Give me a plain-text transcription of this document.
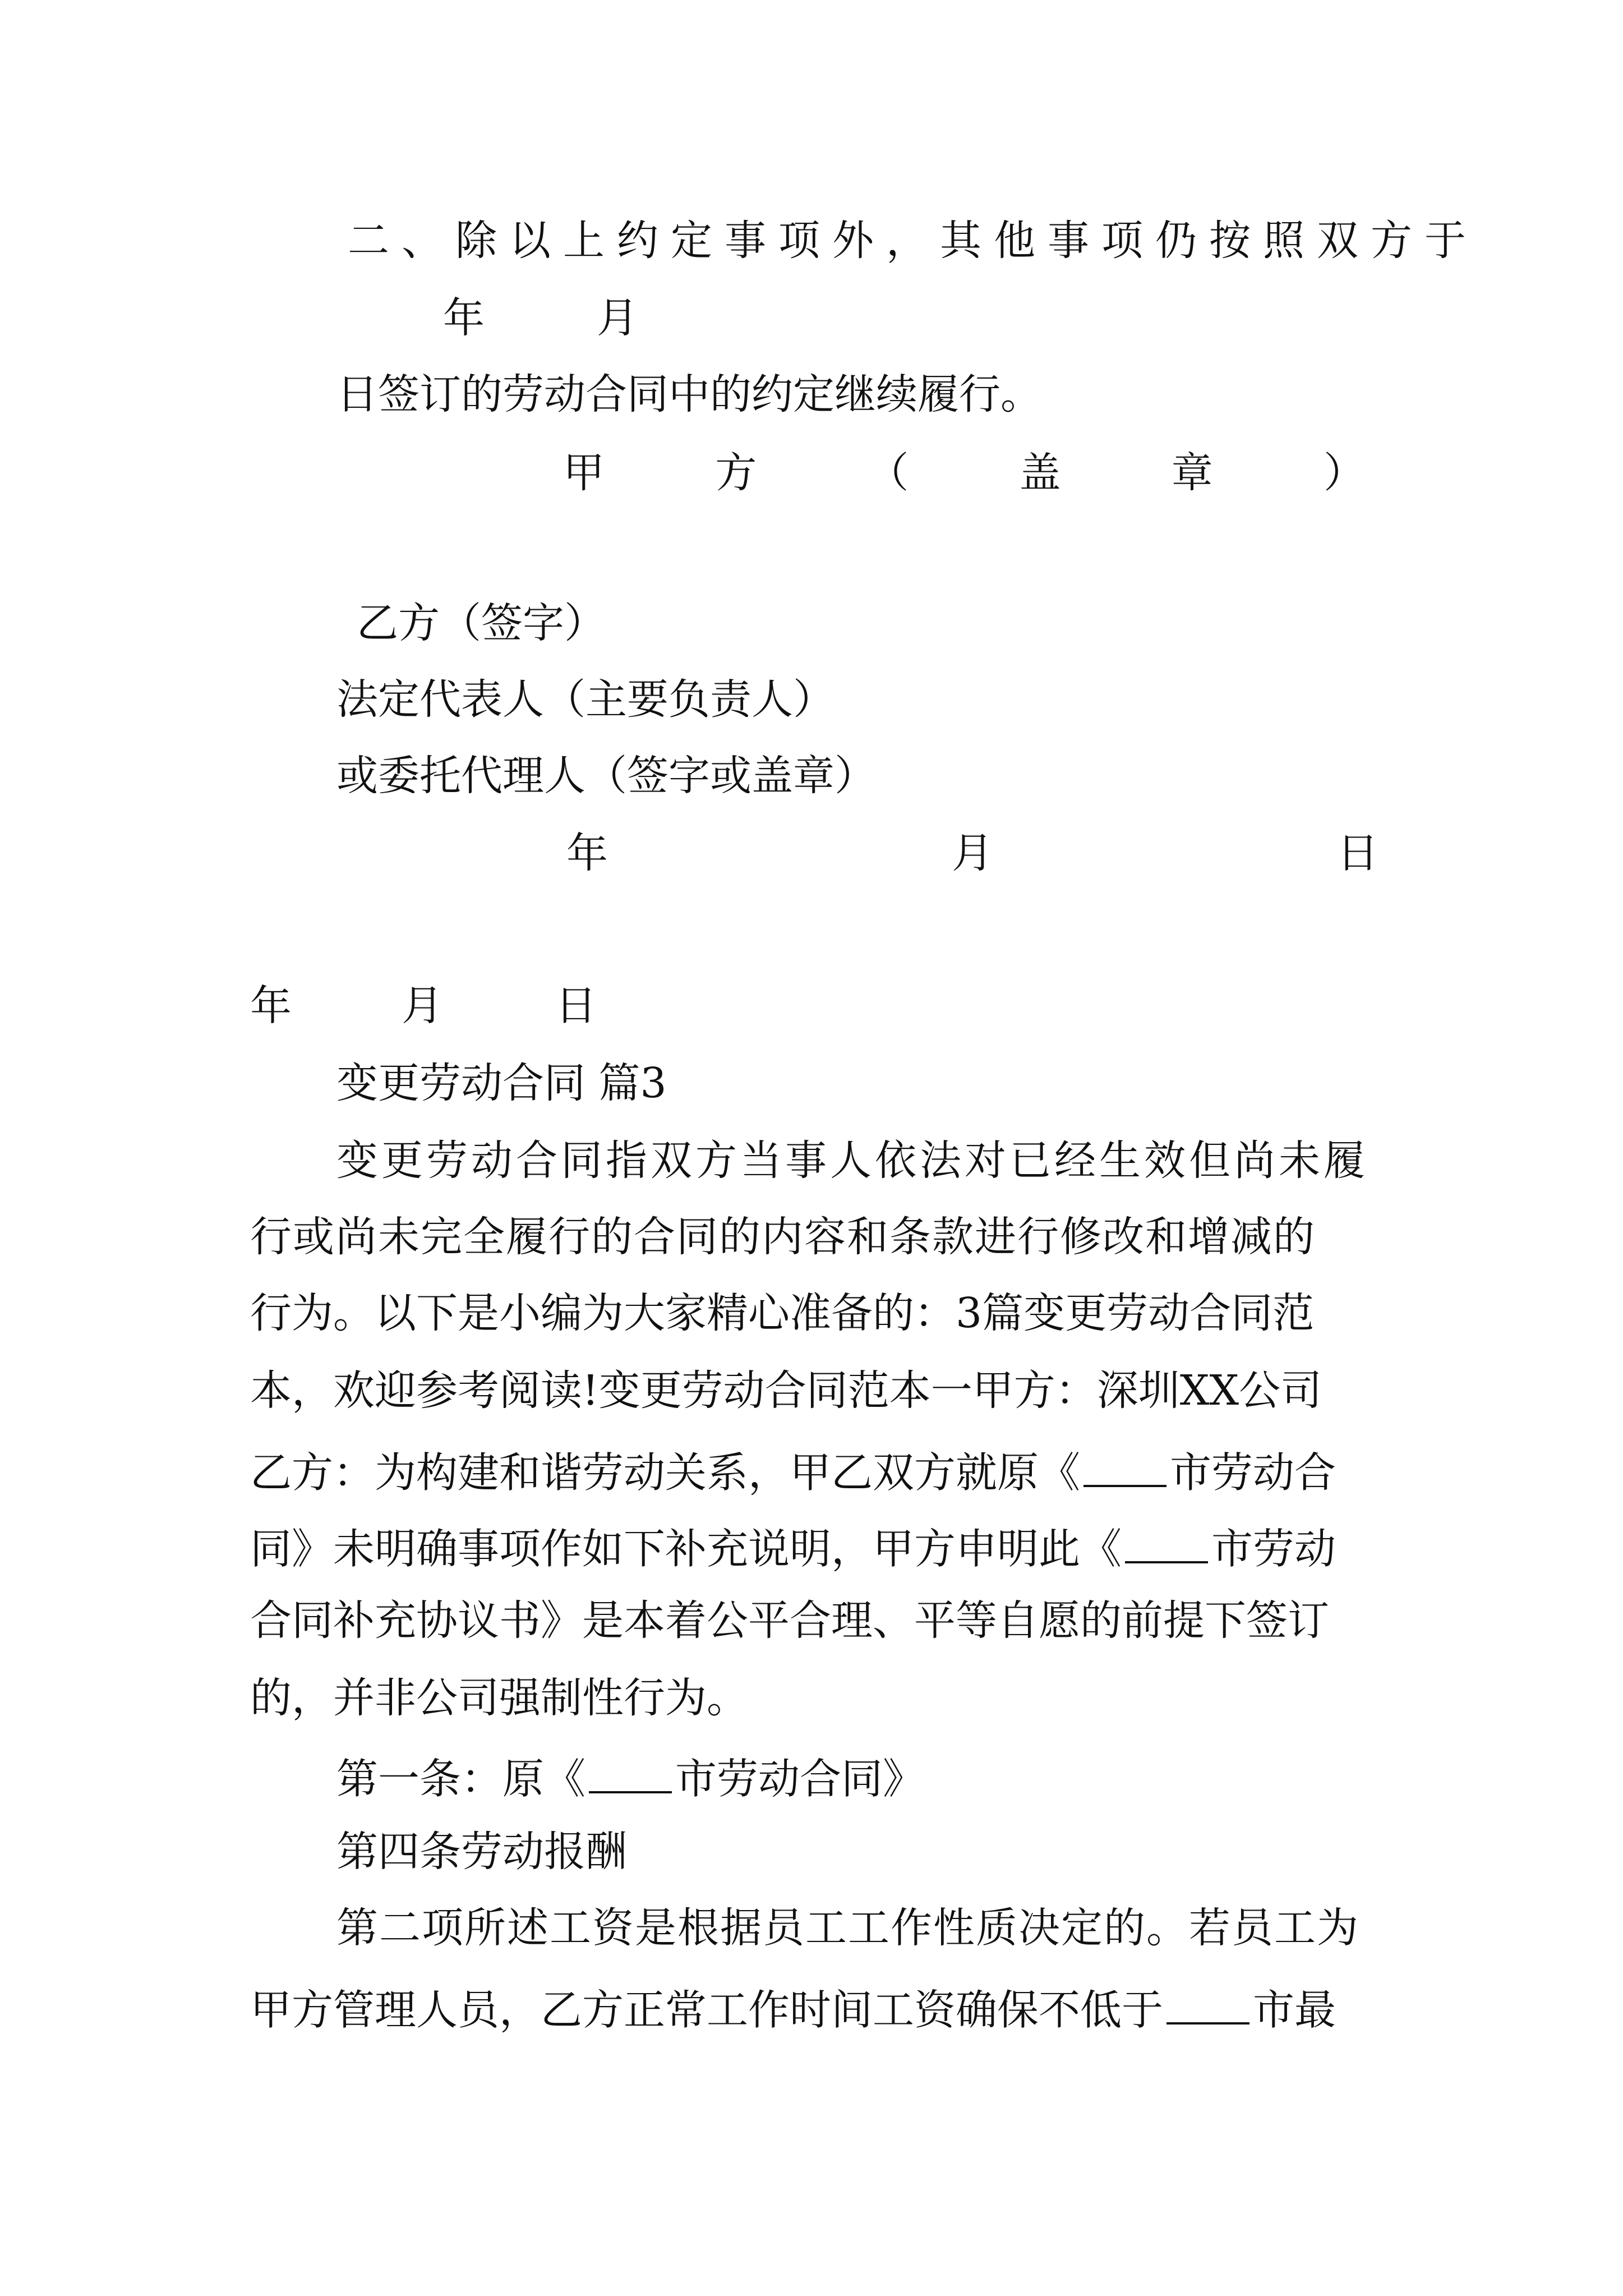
二、除以上约定事项外，其他事项仍按照双方于
年	月
日签订的劳动合同中的约定继续履行。
甲	方	（	盖	章	）
乙方（签字）
法定代表人（主要负责人）
或委托代理人（签字或盖章）
年	月	日
年	月	日
变更劳动合同 篇3
变更劳动合同指双方当事人依法对已经生效但尚未履
行或尚未完全履行的合同的内容和条款进行修改和增减的
行为。以下是小编为大家精心准备的：3篇变更劳动合同范
本，欢迎参考阅读!变更劳动合同范本一甲方：深圳XX公司
乙方：为构建和谐劳动关系，甲乙双方就原《 市劳动合
同》未明确事项作如下补充说明，甲方申明此《 市劳动
合同补充协议书》是本着公平合理、平等自愿的前提下签订
的，并非公司强制性行为。
第一条：原《 市劳动合同》
第四条劳动报酬
第二项所述工资是根据员工工作性质决定的。若员工为
甲方管理人员，乙方正常工作时间工资确保不低于 市最
